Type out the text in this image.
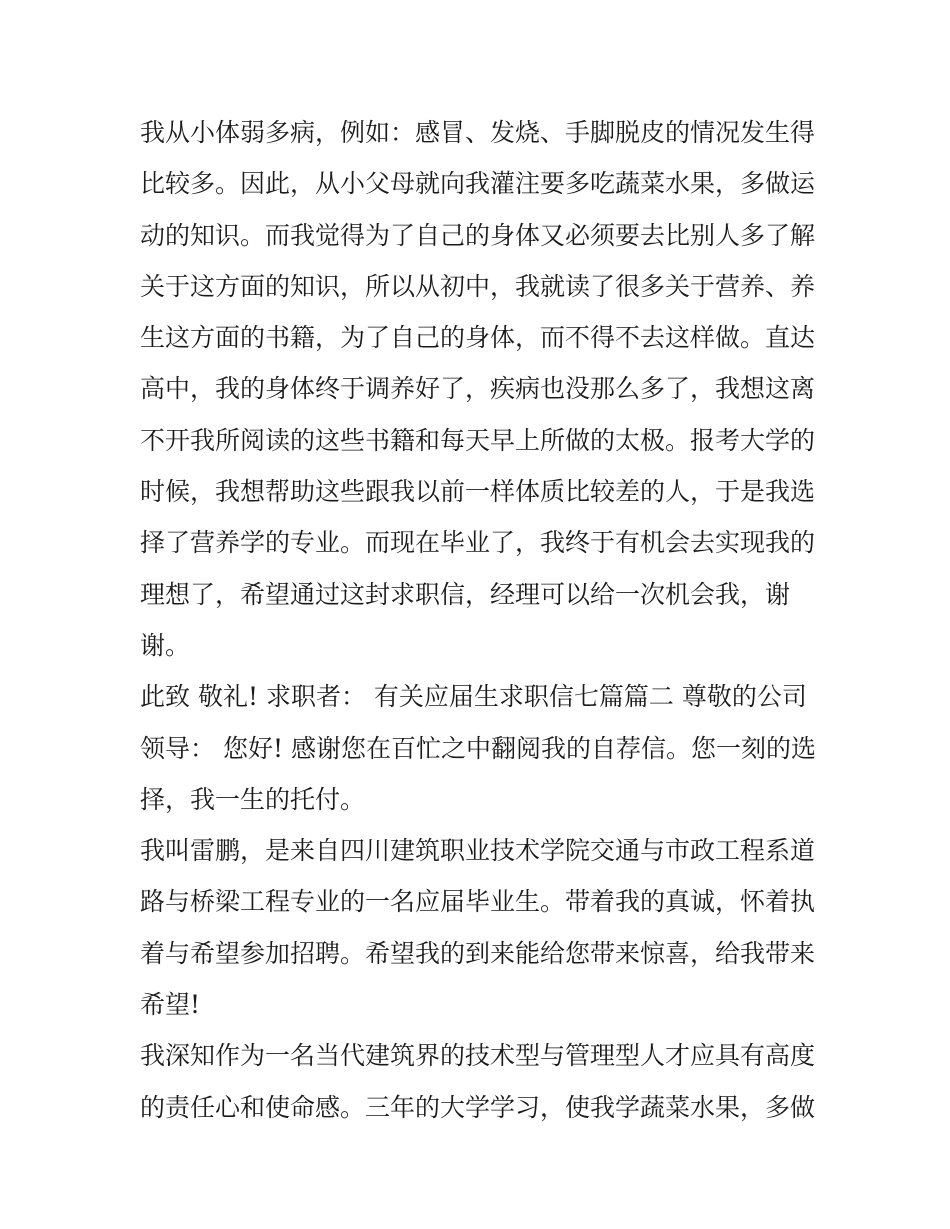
我从小体弱多病，例如：感冒、发烧、手脚脱皮的情况发生得
比较多。因此，从小父母就向我灌注要多吃蔬菜水果，多做运
动的知识。而我觉得为了自己的身体又必须要去比别人多了解
关于这方面的知识，所以从初中，我就读了很多关于营养、养
生这方面的书籍，为了自己的身体，而不得不去这样做。直达
高中，我的身体终于调养好了，疾病也没那么多了，我想这离
不开我所阅读的这些书籍和每天早上所做的太极。报考大学的
时候，我想帮助这些跟我以前一样体质比较差的人，于是我选
择了营养学的专业。而现在毕业了，我终于有机会去实现我的
理想了，希望通过这封求职信，经理可以给一次机会我，谢
谢。
此致 敬礼! 求职者： 有关应届生求职信七篇篇二 尊敬的公司
领导： 您好! 感谢您在百忙之中翻阅我的自荐信。您一刻的选
择，我一生的托付。
我叫雷鹏，是来自四川建筑职业技术学院交通与市政工程系道
路与桥梁工程专业的一名应届毕业生。带着我的真诚，怀着执
着与希望参加招聘。希望我的到来能给您带来惊喜，给我带来
希望!
我深知作为一名当代建筑界的技术型与管理型人才应具有高度
的责任心和使命感。三年的大学学习，使我学蔬菜水果，多做
